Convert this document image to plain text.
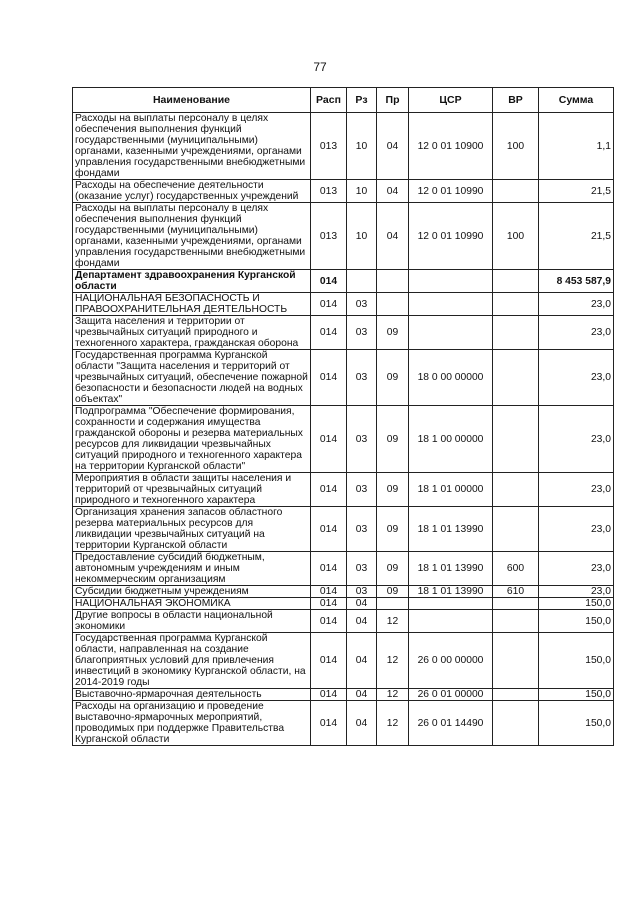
77
Наименование	Расп	Рз	Пр	ЦСР	ВР	Сумма
Расходы на выплаты персоналу в целях обеспечения выполнения функций государственными (муниципальными) органами, казенными учреждениями, органами управления государственными внебюджетными фондами	013	10	04	12 0 01 10900	100	1,1
Расходы на обеспечение деятельности (оказание услуг) государственных учреждений	013	10	04	12 0 01 10990		21,5
Расходы на выплаты персоналу в целях обеспечения выполнения функций государственными (муниципальными) органами, казенными учреждениями, органами управления государственными внебюджетными фондами	013	10	04	12 0 01 10990	100	21,5
Департамент здравоохранения Курганской области	014					8 453 587,9
НАЦИОНАЛЬНАЯ БЕЗОПАСНОСТЬ И ПРАВООХРАНИТЕЛЬНАЯ ДЕЯТЕЛЬНОСТЬ	014	03				23,0
Защита населения и территории от чрезвычайных ситуаций природного и техногенного характера, гражданская оборона	014	03	09			23,0
Государственная программа Курганской области "Защита населения и территорий от чрезвычайных ситуаций, обеспечение пожарной безопасности и безопасности людей на водных объектах"	014	03	09	18 0 00 00000		23,0
Подпрограмма "Обеспечение формирования, сохранности и содержания имущества гражданской обороны и резерва материальных ресурсов для ликвидации чрезвычайных ситуаций природного и техногенного характера на территории Курганской области"	014	03	09	18 1 00 00000		23,0
Мероприятия в области защиты населения и территорий от чрезвычайных ситуаций природного и техногенного характера	014	03	09	18 1 01 00000		23,0
Организация хранения запасов областного резерва материальных ресурсов для ликвидации чрезвычайных ситуаций на территории Курганской области	014	03	09	18 1 01 13990		23,0
Предоставление субсидий бюджетным, автономным учреждениям и иным некоммерческим организациям	014	03	09	18 1 01 13990	600	23,0
Субсидии бюджетным учреждениям	014	03	09	18 1 01 13990	610	23,0
НАЦИОНАЛЬНАЯ ЭКОНОМИКА	014	04				150,0
Другие вопросы в области национальной экономики	014	04	12			150,0
Государственная программа Курганской области, направленная на создание благоприятных условий для привлечения инвестиций в экономику Курганской области, на 2014-2019 годы	014	04	12	26 0 00 00000		150,0
Выставочно-ярмарочная деятельность	014	04	12	26 0 01 00000		150,0
Расходы на организацию и проведение выставочно-ярмарочных мероприятий, проводимых при поддержке Правительства Курганской области	014	04	12	26 0 01 14490		150,0
